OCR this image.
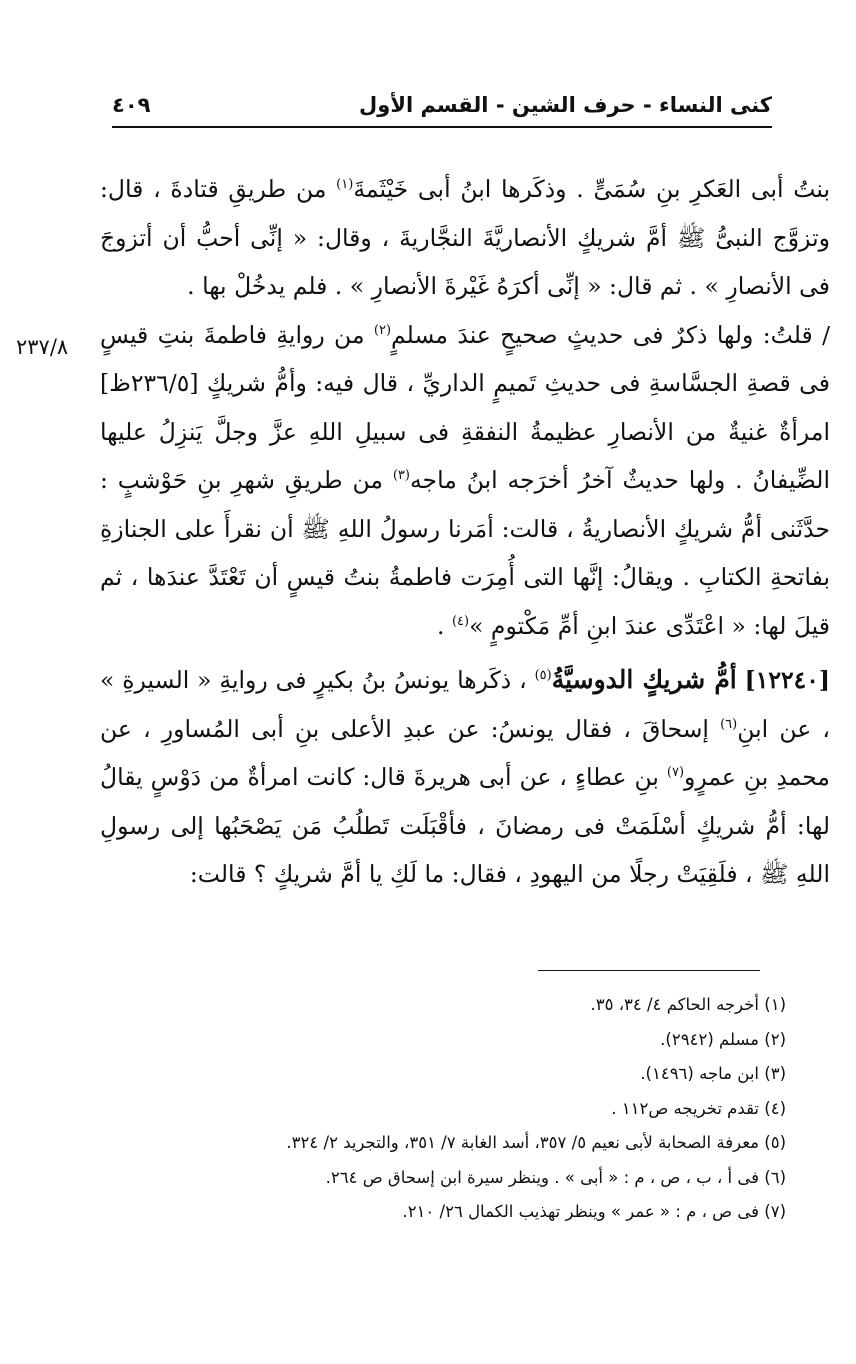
كنى النساء - حرف الشين - القسم الأول
٤٠٩
٢٣٧/٨

بنتُ أبى العَكرِ بنِ سُمَىٍّ . وذكَرها ابنُ أبى خَيْثَمةَ$^{(١)}$ من طريقِ قتادةَ ، قال: وتزوَّج النبىُّ ﷺ أمَّ شريكٍ الأنصاريَّةَ النجَّاريةَ ، وقال: « إنِّى أحبُّ أن أتزوجَ فى الأنصارِ » . ثم قال: « إنِّى أكرَهُ غَيْرةَ الأنصارِ » . فلم يدخُلْ بها .

/ قلتُ: ولها ذكرٌ فى حديثٍ صحيحٍ عندَ مسلمٍ$^{(٢)}$ من روايةِ فاطمةَ بنتِ قيسٍ فى قصةِ الجسَّاسةِ فى حديثِ تَميمٍ الداريِّ ، قال فيه: وأمُّ شريكٍ [٢٣٦/٥ظ] امرأةٌ غنيةٌ من الأنصارِ عظيمةُ النفقةِ فى سبيلِ اللهِ عزَّ وجلَّ يَنزِلُ عليها الضِّيفانُ . ولها حديثٌ آخرُ أخرَجه ابنُ ماجه$^{(٣)}$ من طريقِ شهرِ بنِ حَوْشبٍ : حدَّثَنى أمُّ شريكٍ الأنصاريةُ ، قالت: أمَرنا رسولُ اللهِ ﷺ أن نقرأَ على الجنازةِ بفاتحةِ الكتابِ . ويقالُ: إنَّها التى أُمِرَت فاطمةُ بنتُ قيسٍ أن تَعْتَدَّ عندَها ، ثم قيلَ لها: « اعْتَدِّى عندَ ابنِ أمِّ مَكْتومٍ »$^{(٤)}$ .

[١٢٢٤٠] أمُّ شريكٍ الدوسيَّةُ$^{(٥)}$ ، ذكَرها يونسُ بنُ بكيرٍ فى روايةِ « السيرةِ » ، عن ابنِ$^{(٦)}$ إسحاقَ ، فقال يونسُ: عن عبدِ الأعلى بنِ أبى المُساورِ ، عن محمدِ بنِ عمرٍو$^{(٧)}$ بنِ عطاءٍ ، عن أبى هريرةَ قال: كانت امرأةٌ من دَوْسٍ يقالُ لها: أمُّ شريكٍ أسْلَمَتْ فى رمضانَ ، فأقْبَلَت تَطلُبُ مَن يَصْحَبُها إلى رسولِ اللهِ ﷺ ، فلَقِيَتْ رجلًا من اليهودِ ، فقال: ما لَكِ يا أمَّ شريكٍ ؟ قالت:

(١) أخرجه الحاكم ٤/ ٣٤، ٣٥.
(٢) مسلم (٢٩٤٢).
(٣) ابن ماجه (١٤٩٦).
(٤) تقدم تخريجه ص١١٢ .
(٥) معرفة الصحابة لأبى نعيم ٥/ ٣٥٧، أسد الغابة ٧/ ٣٥١، والتجريد ٢/ ٣٢٤.
(٦) فى أ ، ب ، ص ، م : « أبى » . وينظر سيرة ابن إسحاق ص ٢٦٤.
(٧) فى ص ، م : « عمر » وينظر تهذيب الكمال ٢٦/ ٢١٠.
